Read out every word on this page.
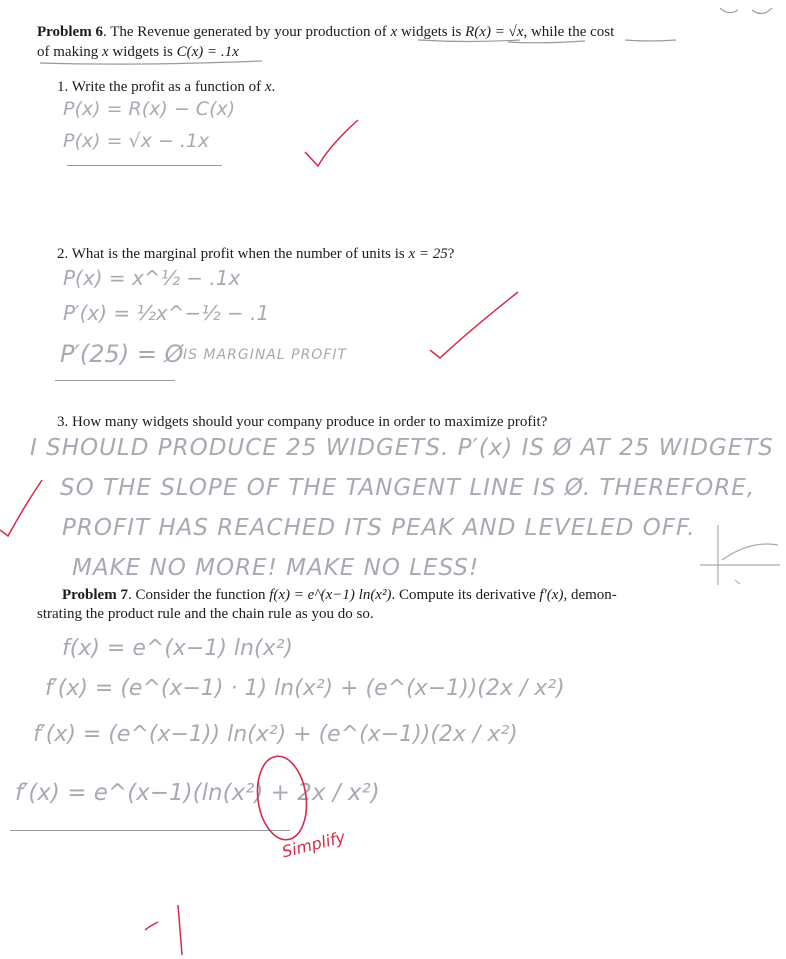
Problem 6. The Revenue generated by your production of x widgets is R(x) = √x, while the cost
of making x widgets is C(x) = .1x
1. Write the profit as a function of x.
P(x) = R(x) − C(x)
P(x) = √x − .1x
2. What is the marginal profit when the number of units is x = 25?
P(x) = x^½ − .1x
P′(x) = ½x^−½ − .1
P′(25) = Ø IS MARGINAL PROFIT
3. How many widgets should your company produce in order to maximize profit?
I SHOULD PRODUCE 25 WIDGETS. P′(x) IS Ø AT 25 WIDGETS
SO THE SLOPE OF THE TANGENT LINE IS Ø. THEREFORE,
PROFIT HAS REACHED ITS PEAK AND LEVELED OFF.
MAKE NO MORE! MAKE NO LESS!
Problem 7. Consider the function f(x) = e^(x−1) ln(x²). Compute its derivative f′(x), demon-
strating the product rule and the chain rule as you do so.
f(x) = e^(x−1) ln(x²)
f′(x) = (e^(x−1) · 1) ln(x²) + (e^(x−1))(2x / x²)
f′(x) = (e^(x−1)) ln(x²) + (e^(x−1))(2x / x²)
f′(x) = e^(x−1)(ln(x²) + 2x / x²)
Simplify
